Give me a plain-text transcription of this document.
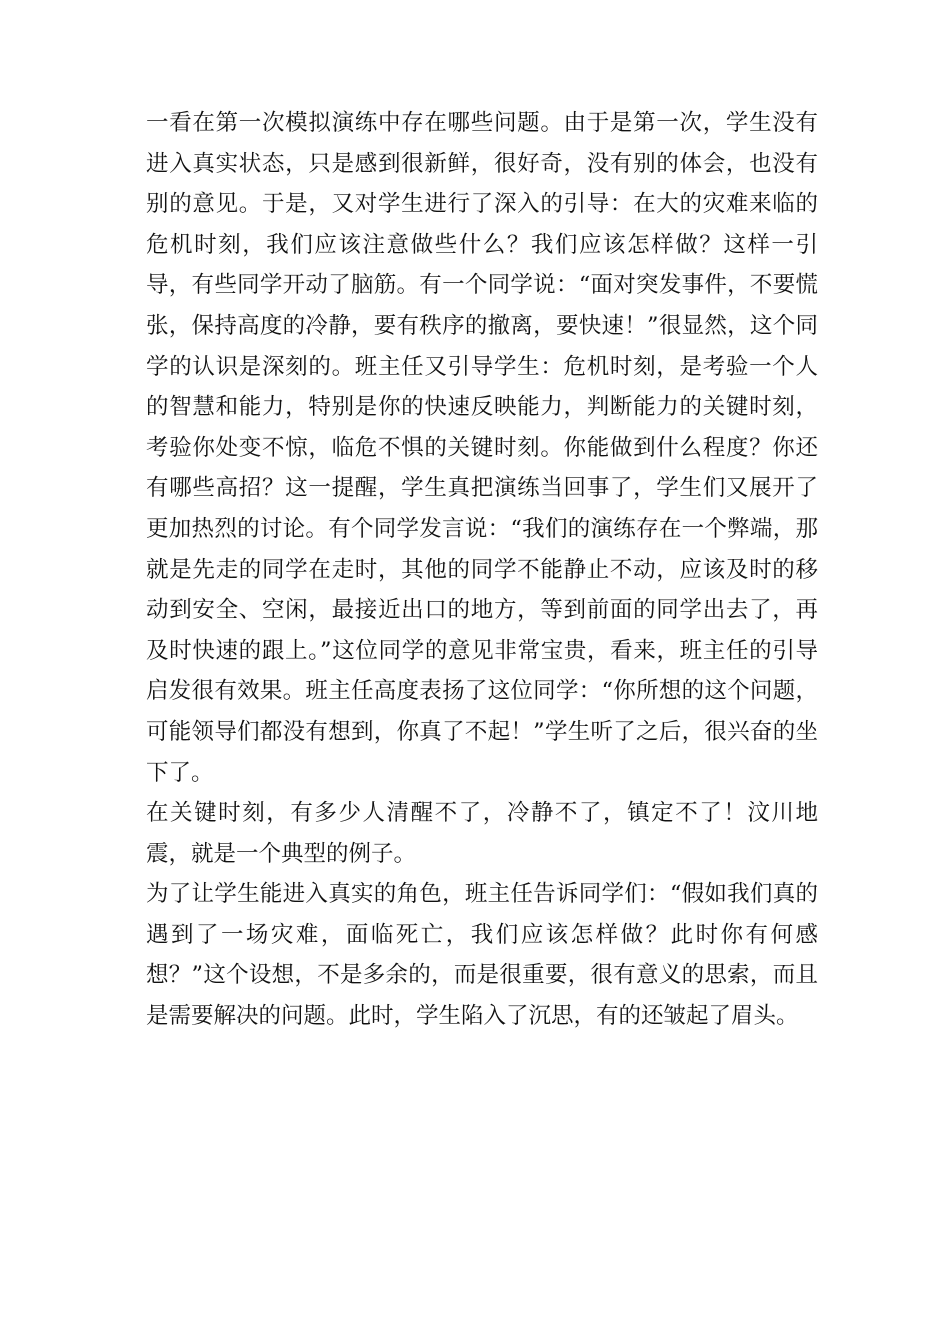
一看在第一次模拟演练中存在哪些问题。由于是第一次，学生没有进入真实状态，只是感到很新鲜，很好奇，没有别的体会，也没有别的意见。于是，又对学生进行了深入的引导：在大的灾难来临的危机时刻，我们应该注意做些什么？我们应该怎样做？这样一引导，有些同学开动了脑筋。有一个同学说：“面对突发事件，不要慌张，保持高度的冷静，要有秩序的撤离，要快速！”很显然，这个同学的认识是深刻的。班主任又引导学生：危机时刻，是考验一个人的智慧和能力，特别是你的快速反映能力，判断能力的关键时刻，考验你处变不惊，临危不惧的关键时刻。你能做到什么程度？你还有哪些高招？这一提醒，学生真把演练当回事了，学生们又展开了更加热烈的讨论。有个同学发言说：“我们的演练存在一个弊端，那就是先走的同学在走时，其他的同学不能静止不动，应该及时的移动到安全、空闲，最接近出口的地方，等到前面的同学出去了，再及时快速的跟上。”这位同学的意见非常宝贵，看来，班主任的引导启发很有效果。班主任高度表扬了这位同学：“你所想的这个问题，可能领导们都没有想到，你真了不起！”学生听了之后，很兴奋的坐下了。

在关键时刻，有多少人清醒不了，冷静不了，镇定不了！汶川地震，就是一个典型的例子。

为了让学生能进入真实的角色，班主任告诉同学们：“假如我们真的遇到了一场灾难，面临死亡，我们应该怎样做？此时你有何感想？”这个设想，不是多余的，而是很重要，很有意义的思索，而且是需要解决的问题。此时，学生陷入了沉思，有的还皱起了眉头。
